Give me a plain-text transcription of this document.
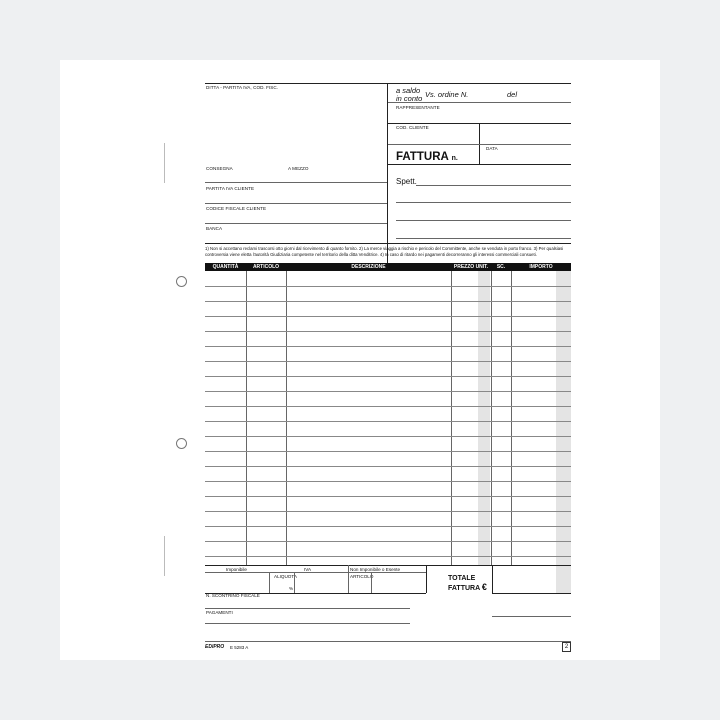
DITTA - PARTITA IVA, COD. FISC.	a saldo
in conto Vs. ordine N.	del
RAPPRESENTANTE
COD. CLIENTE
DATA
FATTURA n.
Spett.
CONSEGNA	A MEZZO
PARTITA IVA CLIENTE
CODICE FISCALE CLIENTE
BANCA
1) Non si accettano reclami trascorsi otto giorni dal ricevimento di quanto fornito. 2) La merce viaggia a rischio e pericolo del Committente, anche se venduta in porto franco. 3) Per qualsiasi controversia viene eletta l'autorità Giudiziaria competente nel territorio della ditta Venditrice. 4) In caso di ritardo nei pagamenti decorreranno gli interessi commerciali consueti.
QUANTITÀ	ARTICOLO	DESCRIZIONE	PREZZO UNIT.	SC.	IMPORTO
Imponibile	IVA	Non Imponibile o Esente
ALIQUOTA
%
ARTICOLO	TOTALE
FATTURA €
N. SCONTRINO FISCALE
PAGAMENTI
EDIPRO E 5283 A	2
